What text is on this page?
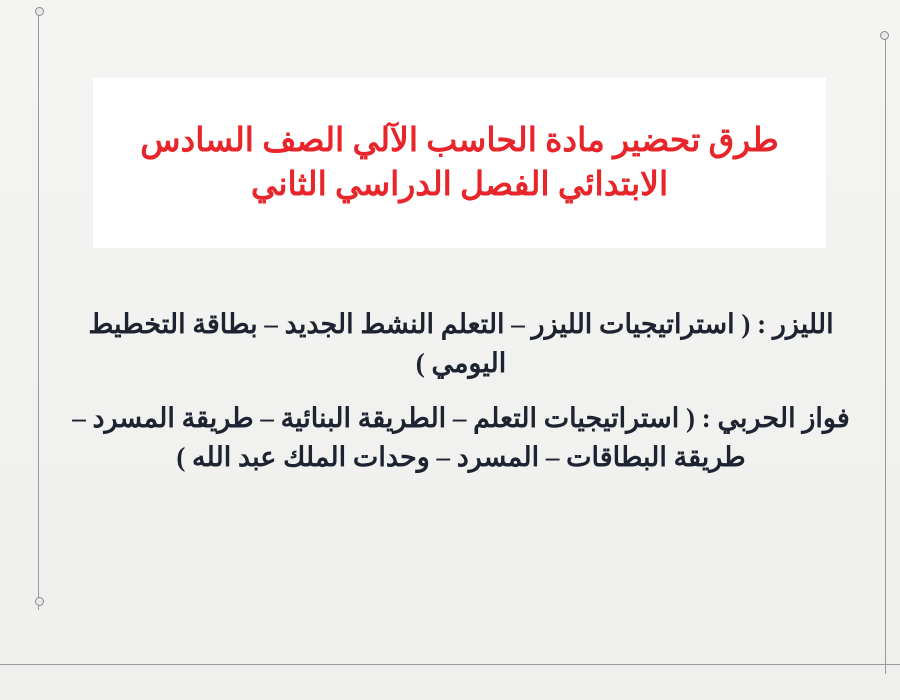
طرق تحضير مادة الحاسب الآلي الصف السادس الابتدائي الفصل الدراسي الثاني

الليزر : ( استراتيجيات الليزر – التعلم النشط الجديد – بطاقة التخطيط اليومي )

فواز الحربي : ( استراتيجيات التعلم – الطريقة البنائية – طريقة المسرد – طريقة البطاقات – المسرد – وحدات الملك عبد الله )
